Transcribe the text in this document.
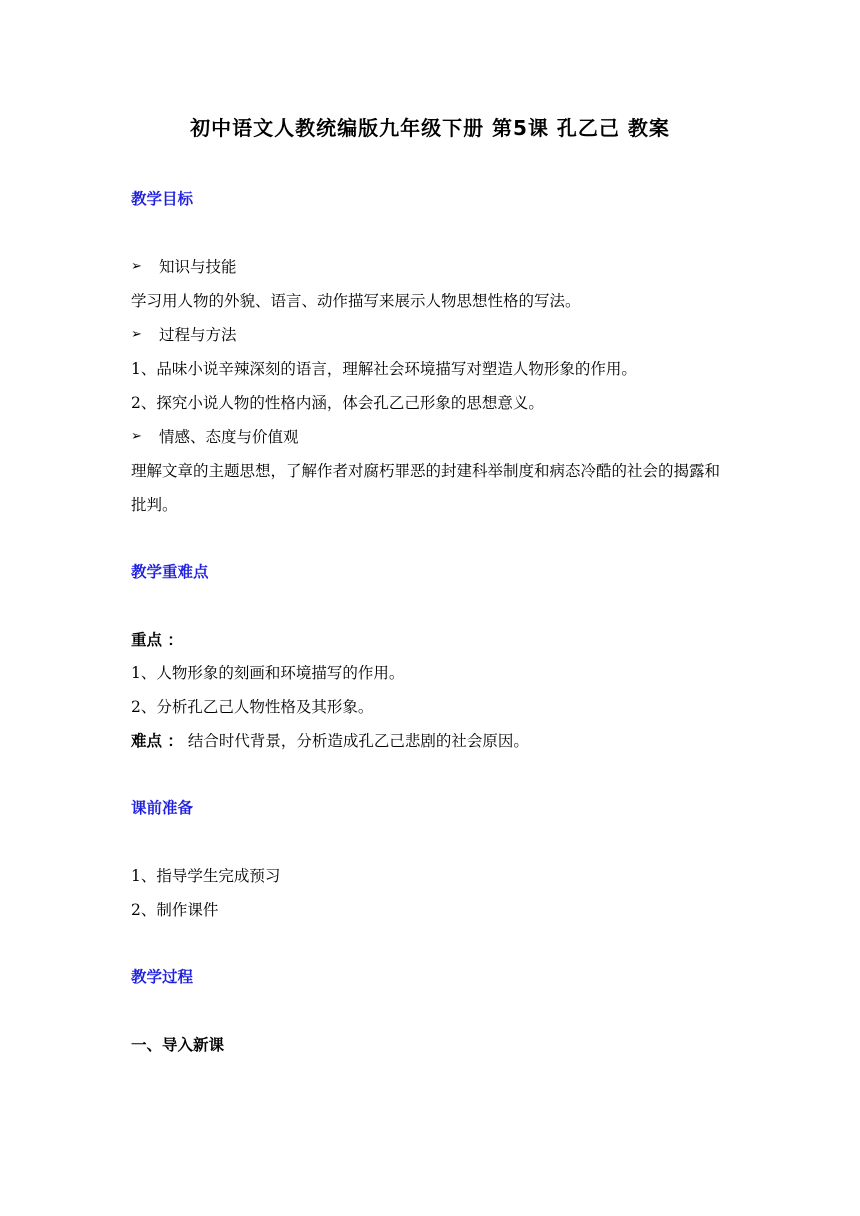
初中语文人教统编版九年级下册 第5课 孔乙己 教案
教学目标
➢	知识与技能
学习用人物的外貌、语言、动作描写来展示人物思想性格的写法。
➢	过程与方法
1、品味小说辛辣深刻的语言，理解社会环境描写对塑造人物形象的作用。
2、探究小说人物的性格内涵，体会孔乙己形象的思想意义。
➢	情感、态度与价值观
理解文章的主题思想，了解作者对腐朽罪恶的封建科举制度和病态冷酷的社会的揭露和批判。
教学重难点
重点 ：
1、人物形象的刻画和环境描写的作用。
2、分析孔乙己人物性格及其形象。
难点 ： 结合时代背景，分析造成孔乙己悲剧的社会原因。
课前准备
1、指导学生完成预习
2、制作课件
教学过程
一、导入新课
